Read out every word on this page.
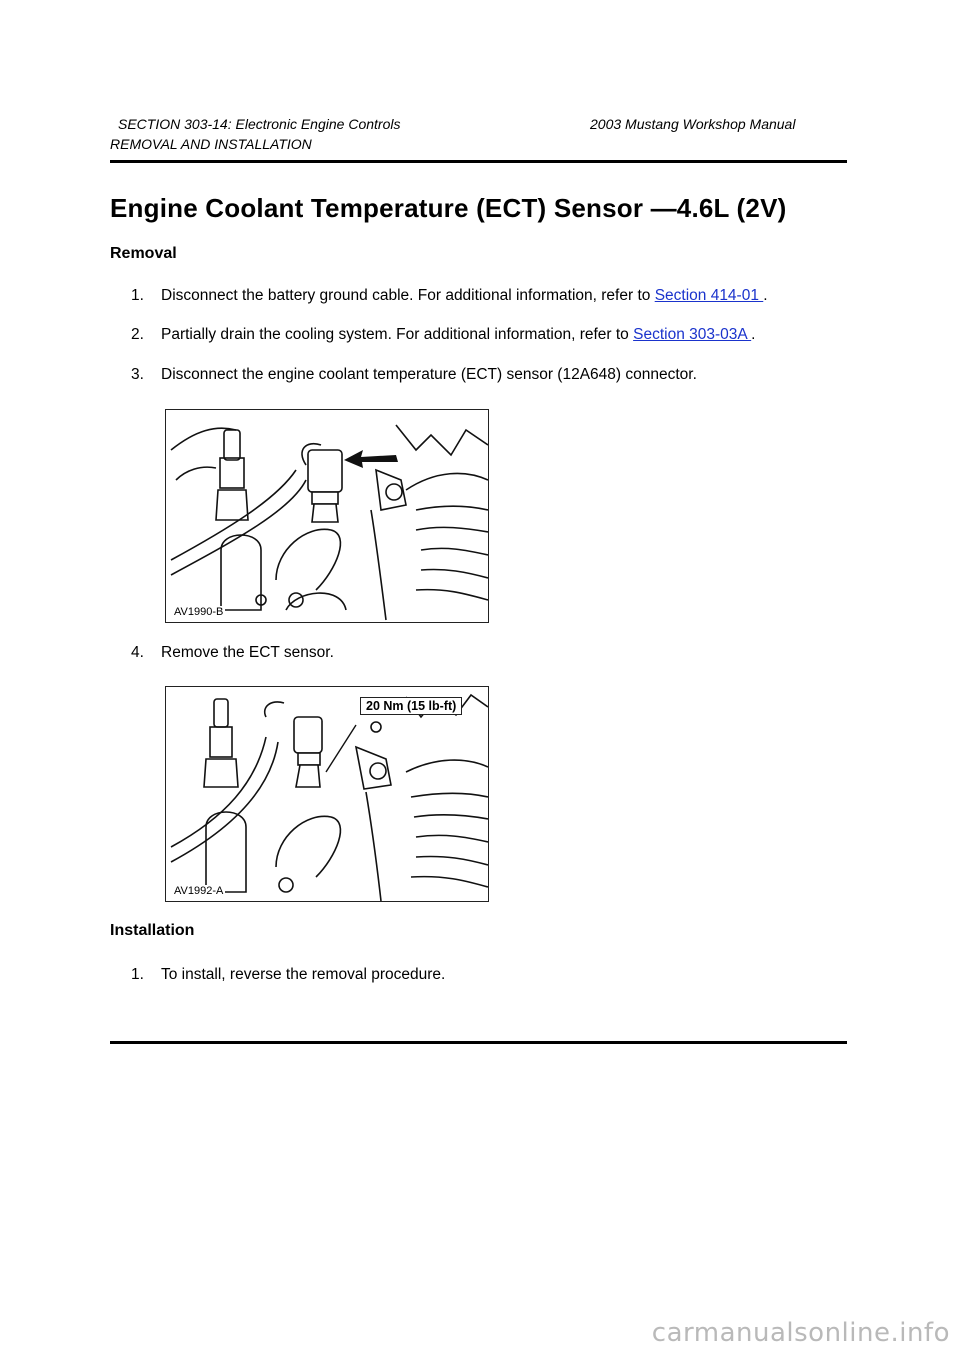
SECTION 303-14: Electronic Engine Controls	2003 Mustang Workshop Manual
REMOVAL AND INSTALLATION
Engine Coolant Temperature (ECT) Sensor —4.6L (2V)
Removal
1. Disconnect the battery ground cable. For additional information, refer to Section 414-01 .
2. Partially drain the cooling system. For additional information, refer to Section 303-03A .
3. Disconnect the engine coolant temperature (ECT) sensor (12A648) connector.
AV1990-B
4. Remove the ECT sensor.
20 Nm (15 lb-ft)
AV1992-A
Installation
1. To install, reverse the removal procedure.
carmanualsonline.info
